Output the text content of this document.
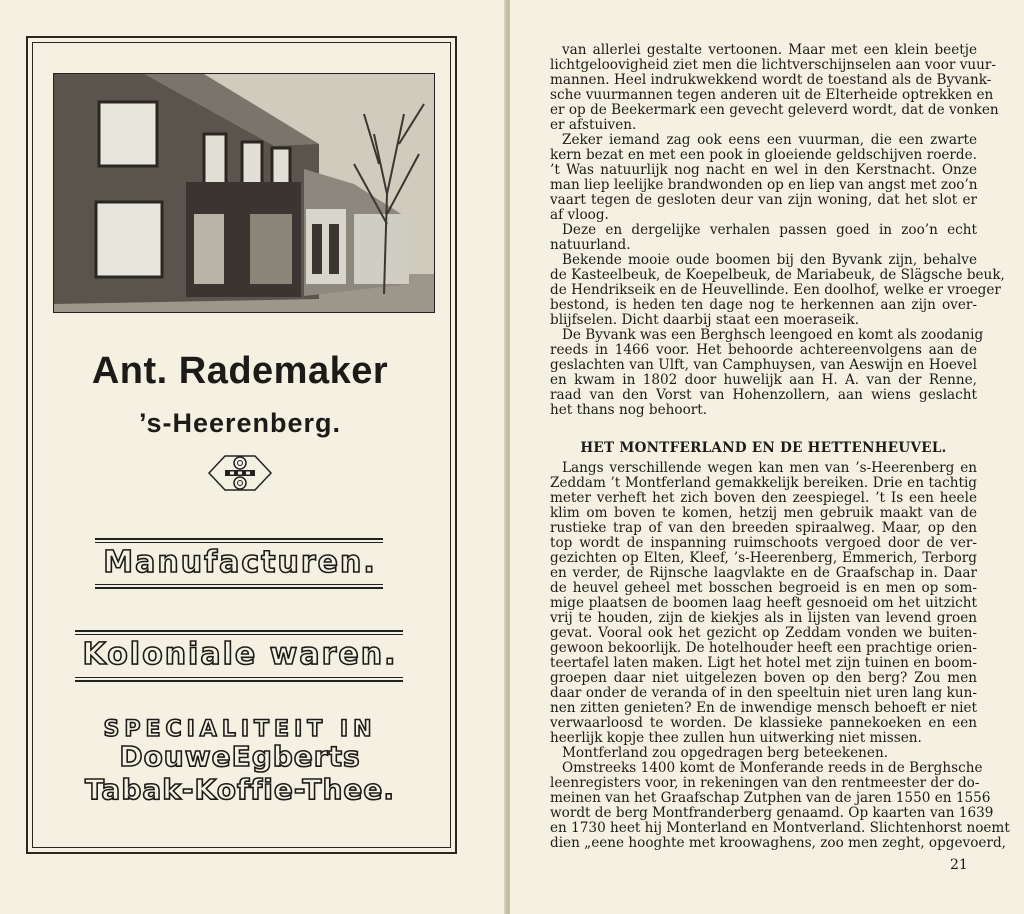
Ant. Rademaker
’s-Heerenberg.
Manufacturen.
Koloniale waren.
SPECIALITEIT IN
DouweEgberts
Tabak-Koffie-Thee.
van allerlei gestalte vertoonen. Maar met een klein beetje
lichtgeloovigheid ziet men die lichtverschijnselen aan voor vuur-
mannen. Heel indrukwekkend wordt de toestand als de Byvank-
sche vuurmannen tegen anderen uit de Elterheide optrekken en
er op de Beekermark een gevecht geleverd wordt, dat de vonken
er afstuiven.
Zeker iemand zag ook eens een vuurman, die een zwarte
kern bezat en met een pook in gloeiende geldschijven roerde.
’t Was natuurlijk nog nacht en wel in den Kerstnacht. Onze
man liep leelijke brandwonden op en liep van angst met zoo’n
vaart tegen de gesloten deur van zijn woning, dat het slot er
af vloog.
Deze en dergelijke verhalen passen goed in zoo’n echt
natuurland.
Bekende mooie oude boomen bij den Byvank zijn, behalve
de Kasteelbeuk, de Koepelbeuk, de Mariabeuk, de Slägsche beuk,
de Hendrikseik en de Heuvellinde. Een doolhof, welke er vroeger
bestond, is heden ten dage nog te herkennen aan zijn over-
blijfselen. Dicht daarbij staat een moeraseik.
De Byvank was een Berghsch leengoed en komt als zoodanig
reeds in 1466 voor. Het behoorde achtereenvolgens aan de
geslachten van Ulft, van Camphuysen, van Aeswijn en Hoevel
en kwam in 1802 door huwelijk aan H. A. van der Renne,
raad van den Vorst van Hohenzollern, aan wiens geslacht
het thans nog behoort.
HET MONTFERLAND EN DE HETTENHEUVEL.
Langs verschillende wegen kan men van ’s-Heerenberg en
Zeddam ’t Montferland gemakkelijk bereiken. Drie en tachtig
meter verheft het zich boven den zeespiegel. ’t Is een heele
klim om boven te komen, hetzij men gebruik maakt van de
rustieke trap of van den breeden spiraalweg. Maar, op den
top wordt de inspanning ruimschoots vergoed door de ver-
gezichten op Elten, Kleef, ’s-Heerenberg, Emmerich, Terborg
en verder, de Rijnsche laagvlakte en de Graafschap in. Daar
de heuvel geheel met bosschen begroeid is en men op som-
mige plaatsen de boomen laag heeft gesnoeid om het uitzicht
vrij te houden, zijn de kiekjes als in lijsten van levend groen
gevat. Vooral ook het gezicht op Zeddam vonden we buiten-
gewoon bekoorlijk. De hotelhouder heeft een prachtige orien-
teertafel laten maken. Ligt het hotel met zijn tuinen en boom-
groepen daar niet uitgelezen boven op den berg? Zou men
daar onder de veranda of in den speeltuin niet uren lang kun-
nen zitten genieten? En de inwendige mensch behoeft er niet
verwaarloosd te worden. De klassieke pannekoeken en een
heerlijk kopje thee zullen hun uitwerking niet missen.
Montferland zou opgedragen berg beteekenen.
Omstreeks 1400 komt de Monferande reeds in de Berghsche
leenregisters voor, in rekeningen van den rentmeester der do-
meinen van het Graafschap Zutphen van de jaren 1550 en 1556
wordt de berg Montfranderberg genaamd. Op kaarten van 1639
en 1730 heet hij Monterland en Montverland. Slichtenhorst noemt
dien „eene hooghte met kroowaghens, zoo men zeght, opgevoerd,
21
